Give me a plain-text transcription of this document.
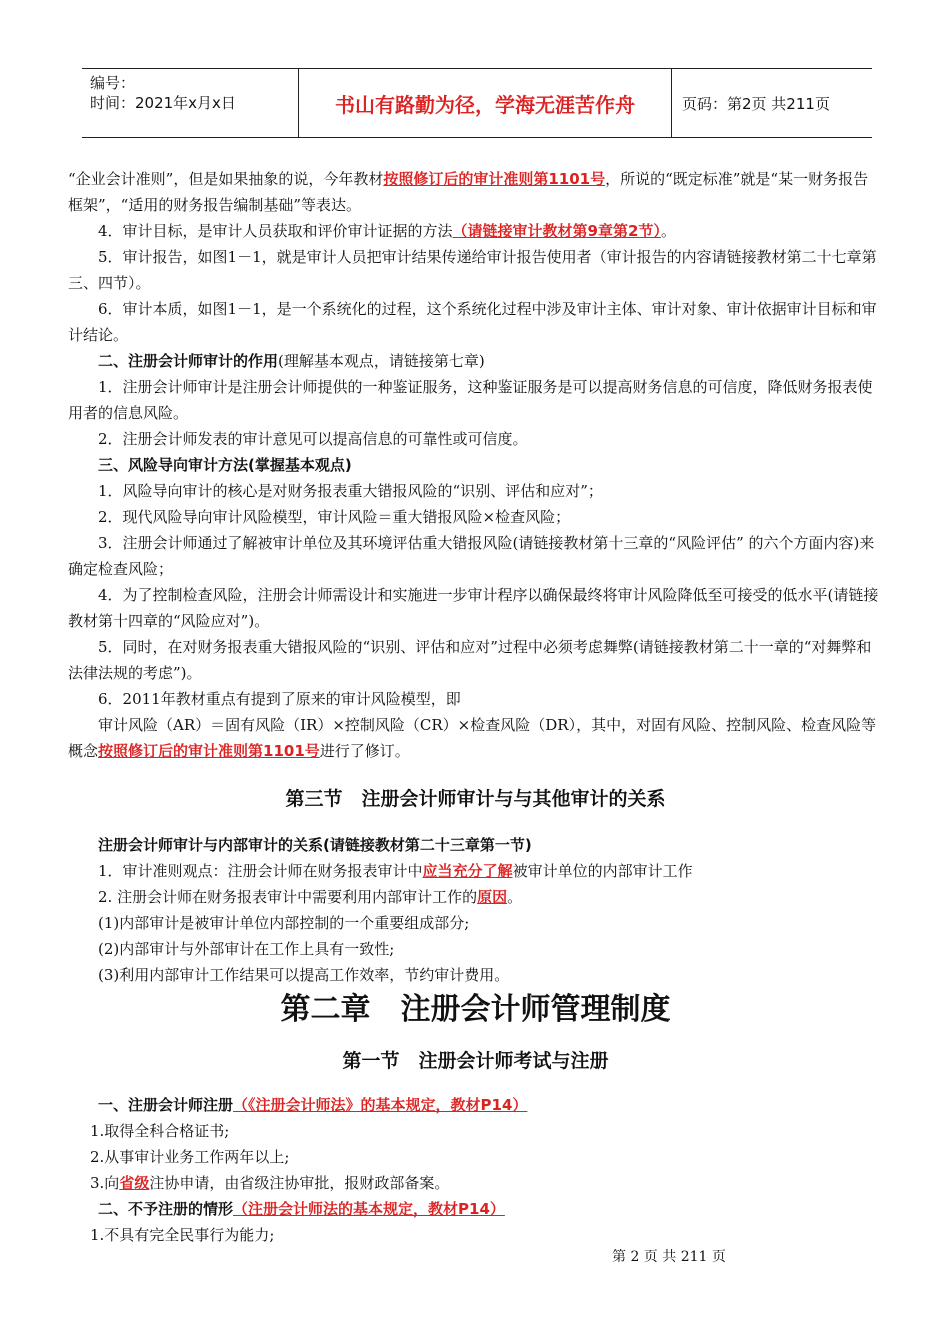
编号：
时间：2021年x月x日	书山有路勤为径，学海无涯苦作舟	页码：第2页 共211页

“企业会计准则”，但是如果抽象的说，今年教材按照修订后的审计准则第1101号，所说的“既定标准”就是“某一财务报告框架”，“适用的财务报告编制基础”等表达。

4．审计目标，是审计人员获取和评价审计证据的方法（请链接审计教材第9章第2节）。

5．审计报告，如图1－1，就是审计人员把审计结果传递给审计报告使用者（审计报告的内容请链接教材第二十七章第三、四节）。

6．审计本质，如图1－1，是一个系统化的过程，这个系统化过程中涉及审计主体、审计对象、审计依据审计目标和审计结论。

二、注册会计师审计的作用(理解基本观点，请链接第七章)

1．注册会计师审计是注册会计师提供的一种鉴证服务，这种鉴证服务是可以提高财务信息的可信度，降低财务报表使用者的信息风险。

2．注册会计师发表的审计意见可以提高信息的可靠性或可信度。

三、风险导向审计方法(掌握基本观点)

1．风险导向审计的核心是对财务报表重大错报风险的“识别、评估和应对”；

2．现代风险导向审计风险模型，审计风险＝重大错报风险×检查风险；

3．注册会计师通过了解被审计单位及其环境评估重大错报风险(请链接教材第十三章的“风险评估” 的六个方面内容)来确定检查风险；

4．为了控制检查风险，注册会计师需设计和实施进一步审计程序以确保最终将审计风险降低至可接受的低水平(请链接教材第十四章的“风险应对”)。

5．同时，在对财务报表重大错报风险的“识别、评估和应对”过程中必须考虑舞弊(请链接教材第二十一章的“对舞弊和法律法规的考虑”)。

6．2011年教材重点有提到了原来的审计风险模型，即

审计风险（AR）＝固有风险（IR）×控制风险（CR）×检查风险（DR），其中，对固有风险、控制风险、检查风险等概念按照修订后的审计准则第1101号进行了修订。

第三节　注册会计师审计与与其他审计的关系

注册会计师审计与内部审计的关系(请链接教材第二十三章第一节)

1．审计准则观点：注册会计师在财务报表审计中应当充分了解被审计单位的内部审计工作

2. 注册会计师在财务报表审计中需要利用内部审计工作的原因。

(1)内部审计是被审计单位内部控制的一个重要组成部分;

(2)内部审计与外部审计在工作上具有一致性;

(3)利用内部审计工作结果可以提高工作效率，节约审计费用。

第二章　注册会计师管理制度
第一节　注册会计师考试与注册

一、注册会计师注册（《注册会计师法》的基本规定，教材P14）

1.取得全科合格证书;

2.从事审计业务工作两年以上;

3.向省级注协申请，由省级注协审批，报财政部备案。

二、不予注册的情形（注册会计师法的基本规定，教材P14）

1.不具有完全民事行为能力;

第 2 页 共 211 页
